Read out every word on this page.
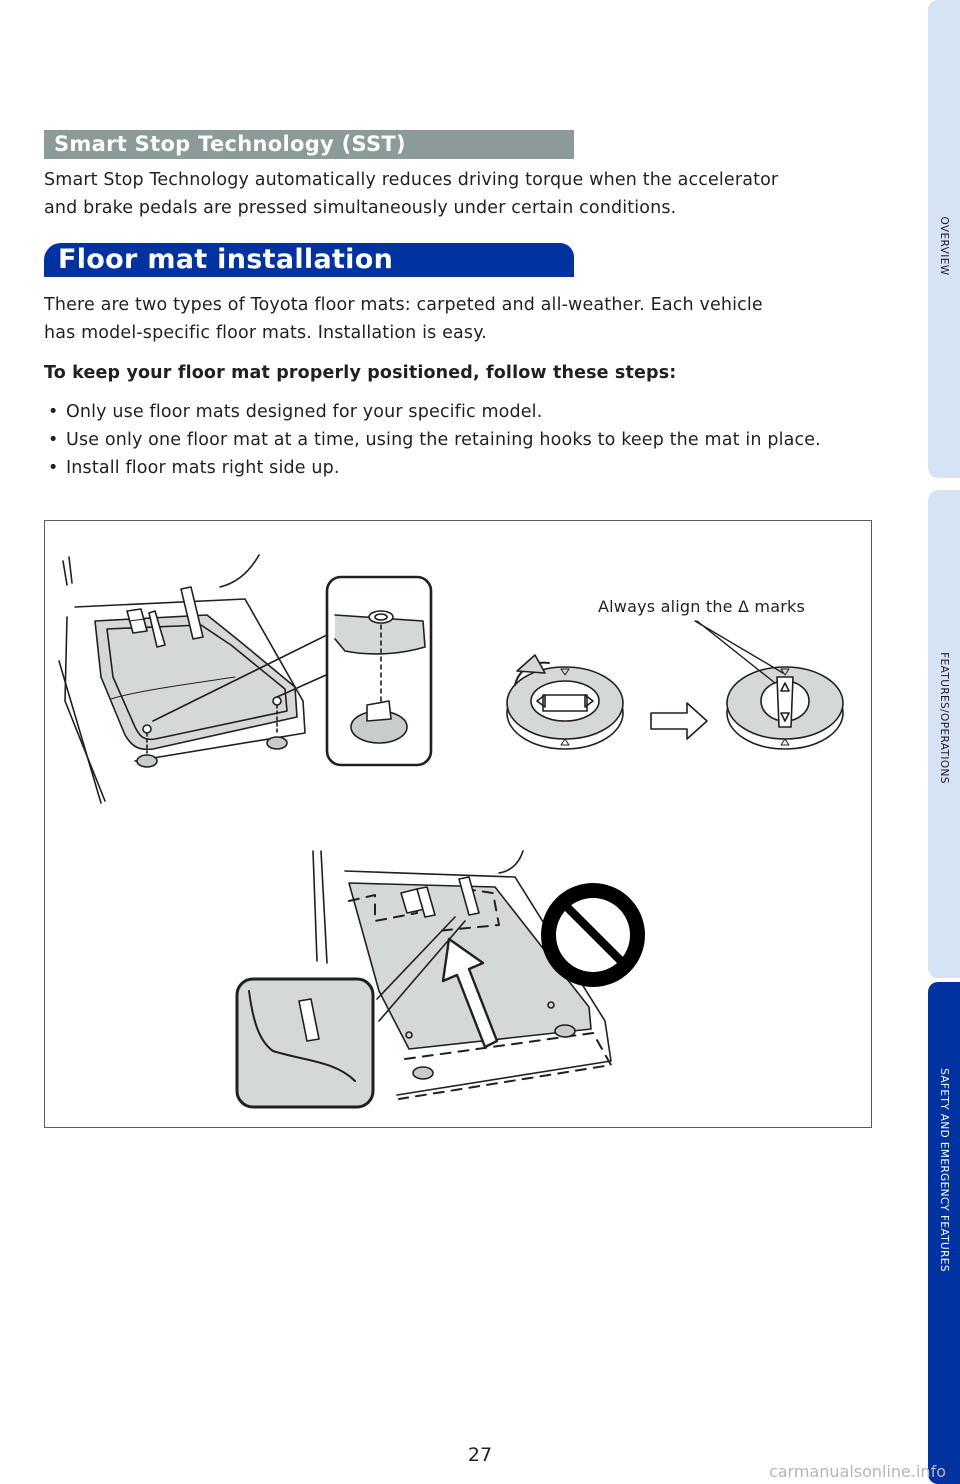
Smart Stop Technology (SST)
Smart Stop Technology automatically reduces driving torque when the accelerator
and brake pedals are pressed simultaneously under certain conditions.
Floor mat installation
There are two types of Toyota floor mats: carpeted and all-weather. Each vehicle
has model-specific floor mats. Installation is easy.
To keep your floor mat properly positioned, follow these steps:
• Only use floor mats designed for your specific model.
• Use only one floor mat at a time, using the retaining hooks to keep the mat in place.
• Install floor mats right side up.
Always align the Δ marks
OVERVIEW
FEATURES/OPERATIONS
SAFETY AND EMERGENCY FEATURES
27
carmanualsonline.info
